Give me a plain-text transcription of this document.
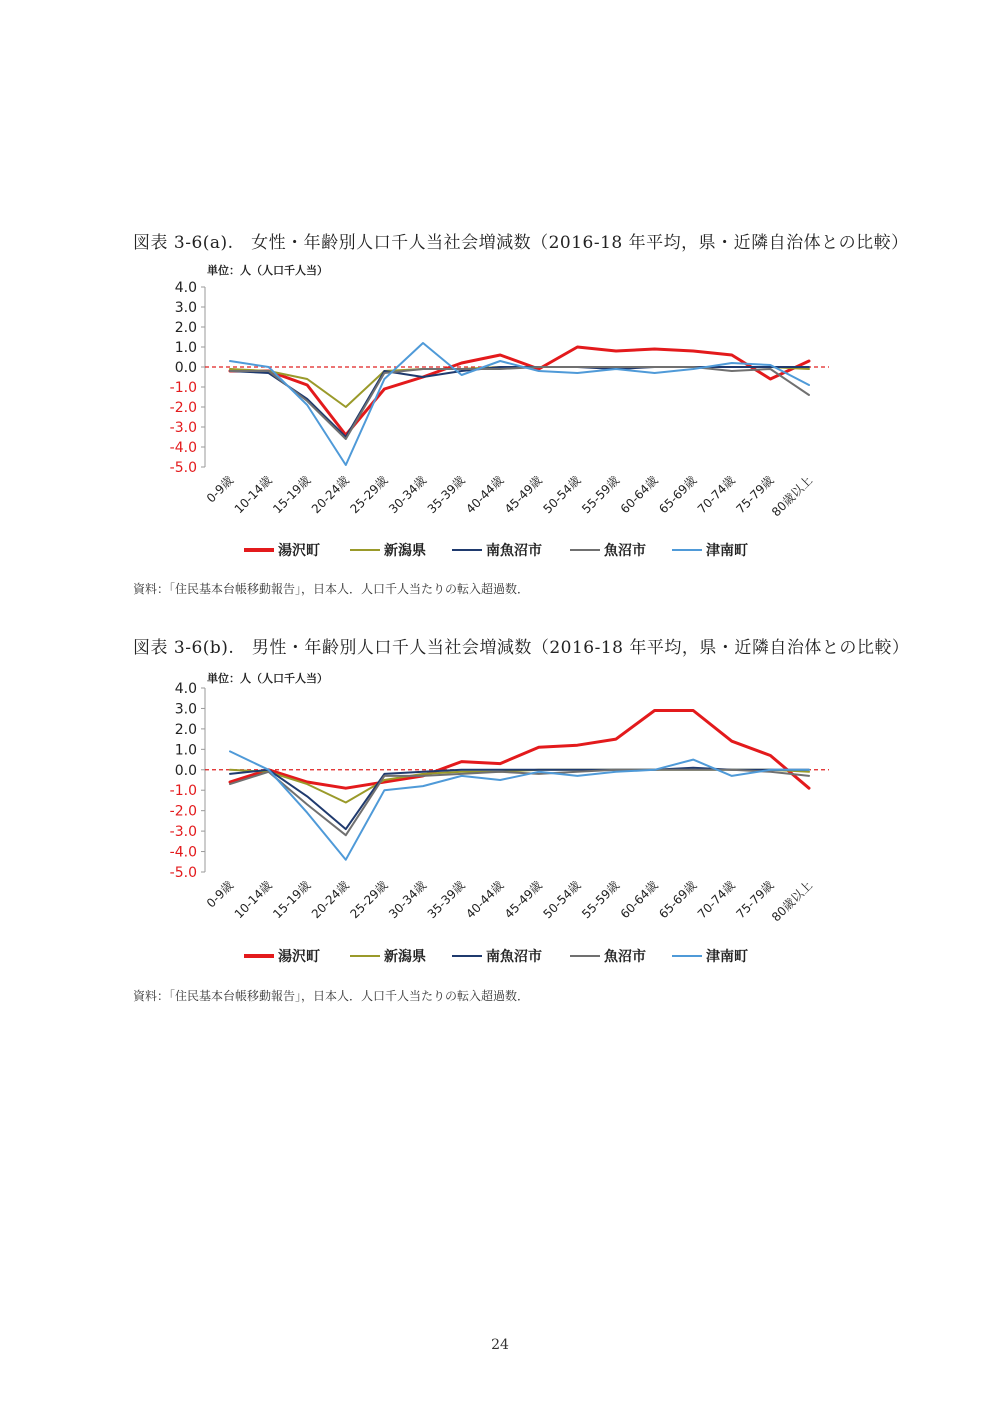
図表 3-6(a).　女性・年齢別人口千人当社会増減数（2016-18 年平均，県・近隣自治体との比較）
単位：人（人口千人当）
4.0
3.0
2.0
1.0
0.0
-1.0
-2.0
-3.0
-4.0
-5.0
0-9歳
10-14歳
15-19歳
20-24歳
25-29歳
30-34歳
35-39歳
40-44歳
45-49歳
50-54歳
55-59歳
60-64歳
65-69歳
70-74歳
75-79歳
80歳以上
湯沢町	新潟県	南魚沼市	魚沼市	津南町
資料：「住民基本台帳移動報告」，日本人．人口千人当たりの転入超過数．
図表 3-6(b).　男性・年齢別人口千人当社会増減数（2016-18 年平均，県・近隣自治体との比較）
単位：人（人口千人当）
4.0
3.0
2.0
1.0
0.0
-1.0
-2.0
-3.0
-4.0
-5.0
0-9歳
10-14歳
15-19歳
20-24歳
25-29歳
30-34歳
35-39歳
40-44歳
45-49歳
50-54歳
55-59歳
60-64歳
65-69歳
70-74歳
75-79歳
80歳以上
湯沢町	新潟県	南魚沼市	魚沼市	津南町
資料：「住民基本台帳移動報告」，日本人．人口千人当たりの転入超過数．
24
